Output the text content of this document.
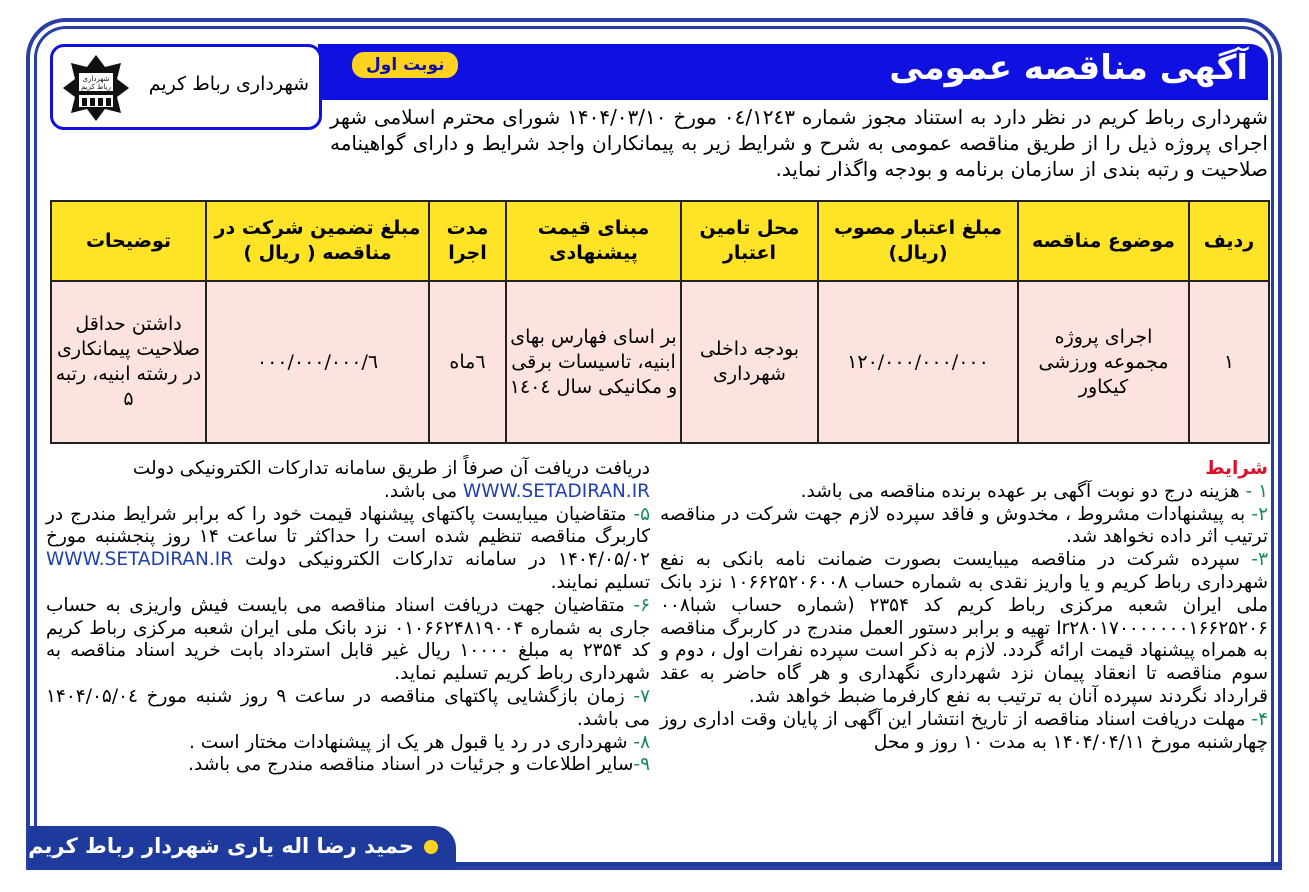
آگهی مناقصه عمومی
نوبت اول
شهرداری
رباط کریم شهرداری رباط کریم
شهرداری رباط کریم در نظر دارد به استناد مجوز شماره ۰٤/۱۲٤۳ مورخ ۱۴۰۴/۰۳/۱۰ شورای محترم اسلامی شهر اجرای پروژه ذیل را از طریق مناقصه عمومی به شرح و شرایط زیر به پیمانکاران واجد شرایط و دارای گواهینامه صلاحیت و رتبه بندی از سازمان برنامه و بودجه واگذار نماید.
ردیف	موضوع مناقصه	مبلغ اعتبار مصوب (ریال)	محل تامین اعتبار	مبنای قیمت پیشنهادی	مدت اجرا	مبلغ تضمین شرکت در مناقصه ( ریال )	توضیحات
۱	اجرای پروژه مجموعه ورزشی کیکاور	۱۲۰/۰۰۰/۰۰۰/۰۰۰	بودجه داخلی شهرداری	بر اسای فهارس بهای ابنیه، تاسیسات برقی و مکانیکی سال ۱٤۰٤	٦ماه	٦/۰۰۰/۰۰۰/۰۰۰	داشتن حداقل صلاحیت پیمانکاری در رشته ابنیه، رتبه ۵

شرایط

۱ - هزینه درج دو نوبت آگهی بر عهده برنده مناقصه می باشد.

۲- به پیشنهادات مشروط ، مخدوش و فاقد سپرده لازم جهت شرکت در مناقصه ترتیب اثر داده نخواهد شد.

۳- سپرده شرکت در مناقصه میبایست بصورت ضمانت نامه بانکی به نفع شهرداری رباط کریم و یا واریز نقدی به شماره حساب ۱۰۶۶۲۵۲۰۶۰۰۸ نزد بانک ملی ایران شعبه مرکزی رباط کریم کد ۲۳۵۴ (شماره حساب شبا۰۰۸ Ir۲۸۰۱۷۰۰۰۰۰۰۰۱۶۶۲۵۲۰۶ تهیه و برابر دستور العمل مندرج در کاربرگ مناقصه به همراه پیشنهاد قیمت ارائه گردد. لازم به ذکر است سپرده نفرات اول ، دوم و سوم مناقصه تا انعقاد پیمان نزد شهرداری نگهداری و هر گاه حاضر به عقد قرارداد نگردند سپرده آنان به ترتیب به نفع کارفرما ضبط خواهد شد.

۴- مهلت دریافت اسناد مناقصه از تاریخ انتشار این آگهی از پایان وقت اداری روز چهارشنبه مورخ ۱۴۰۴/۰۴/۱۱ به مدت ۱۰ روز و محل

دریافت دریافت آن صرفاً از طریق سامانه تدارکات الکترونیکی دولت
WWW.SETADIRAN.IR می باشد.

۵- متقاضیان میبایست پاکتهای پیشنهاد قیمت خود را که برابر شرایط مندرج در کاربرگ مناقصه تنظیم شده است را حداکثر تا ساعت ۱۴ روز پنجشنبه مورخ ۱۴۰۴/۰۵/۰۲ در سامانه تدارکات الکترونیکی دولت WWW.SETADIRAN.IR تسلیم نمایند.

۶- متقاضیان جهت دریافت اسناد مناقصه می بایست فیش واریزی به حساب جاری به شماره ۰۱۰۶۶۲۴۸۱۹۰۰۴ نزد بانک ملی ایران شعبه مرکزی رباط کریم کد ۲۳۵۴ به مبلغ ۱۰۰۰۰ ریال غیر قابل استرداد بابت خرید اسناد مناقصه به شهرداری رباط کریم تسلیم نماید.

۷- زمان بازگشایی پاکتهای مناقصه در ساعت ۹ روز شنبه مورخ ۱۴۰۴/۰۵/۰٤ می باشد.

۸- شهرداری در رد یا قبول هر یک از پیشنهادات مختار است .

۹-سایر اطلاعات و جرئیات در اسناد مناقصه مندرج می باشد.

حمید رضا اله یاری شهردار رباط کریم
